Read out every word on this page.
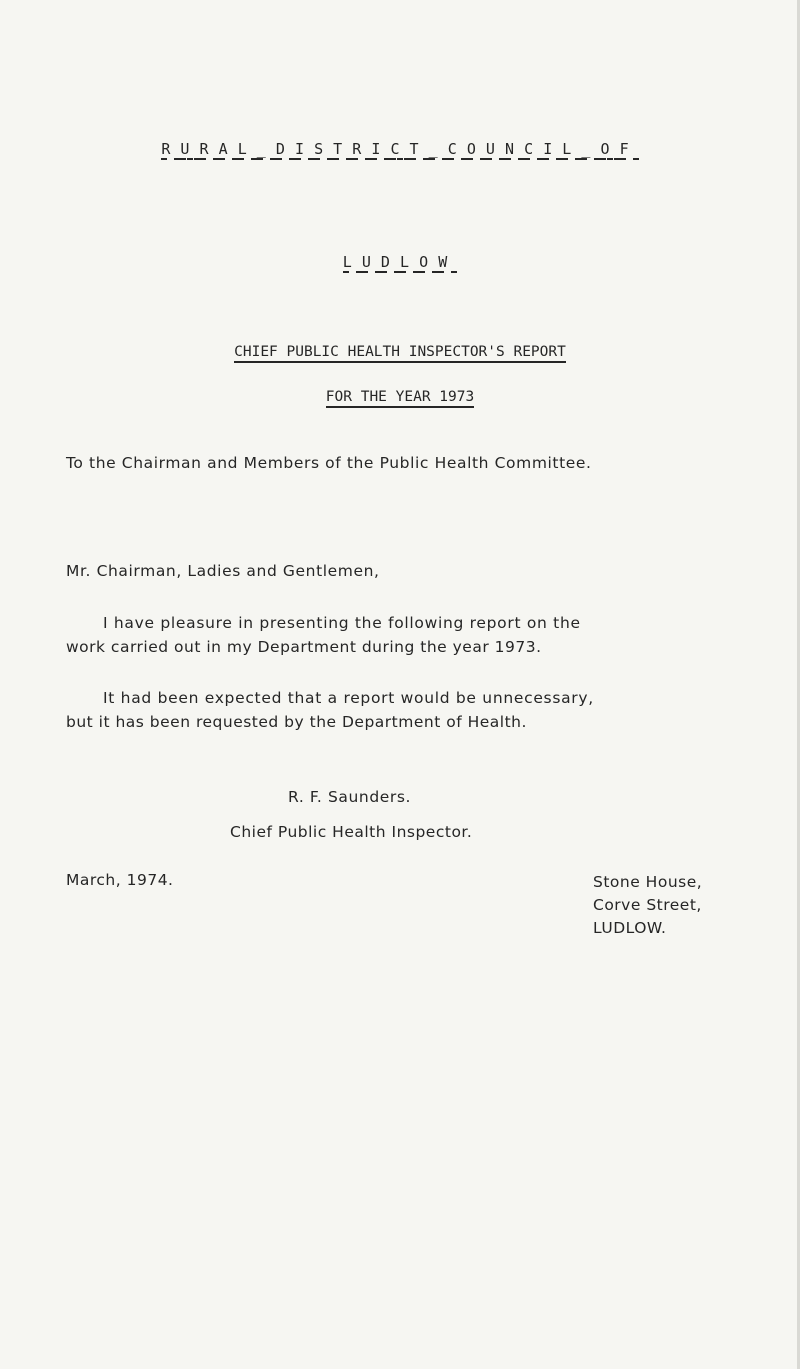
R U R A L _ D I S T R I C T _ C O U N C I L _ O F
L U D L O W
CHIEF PUBLIC HEALTH INSPECTOR'S REPORT
FOR THE YEAR 1973
To the Chairman and Members of the Public Health Committee.
Mr. Chairman, Ladies and Gentlemen,
I have pleasure in presenting the following report on the
work carried out in my Department during the year 1973.
It had been expected that a report would be unnecessary,
but it has been requested by the Department of Health.
R. F. Saunders.
Chief Public Health Inspector.
March, 1974.	Stone House,
Corve Street,
LUDLOW.
